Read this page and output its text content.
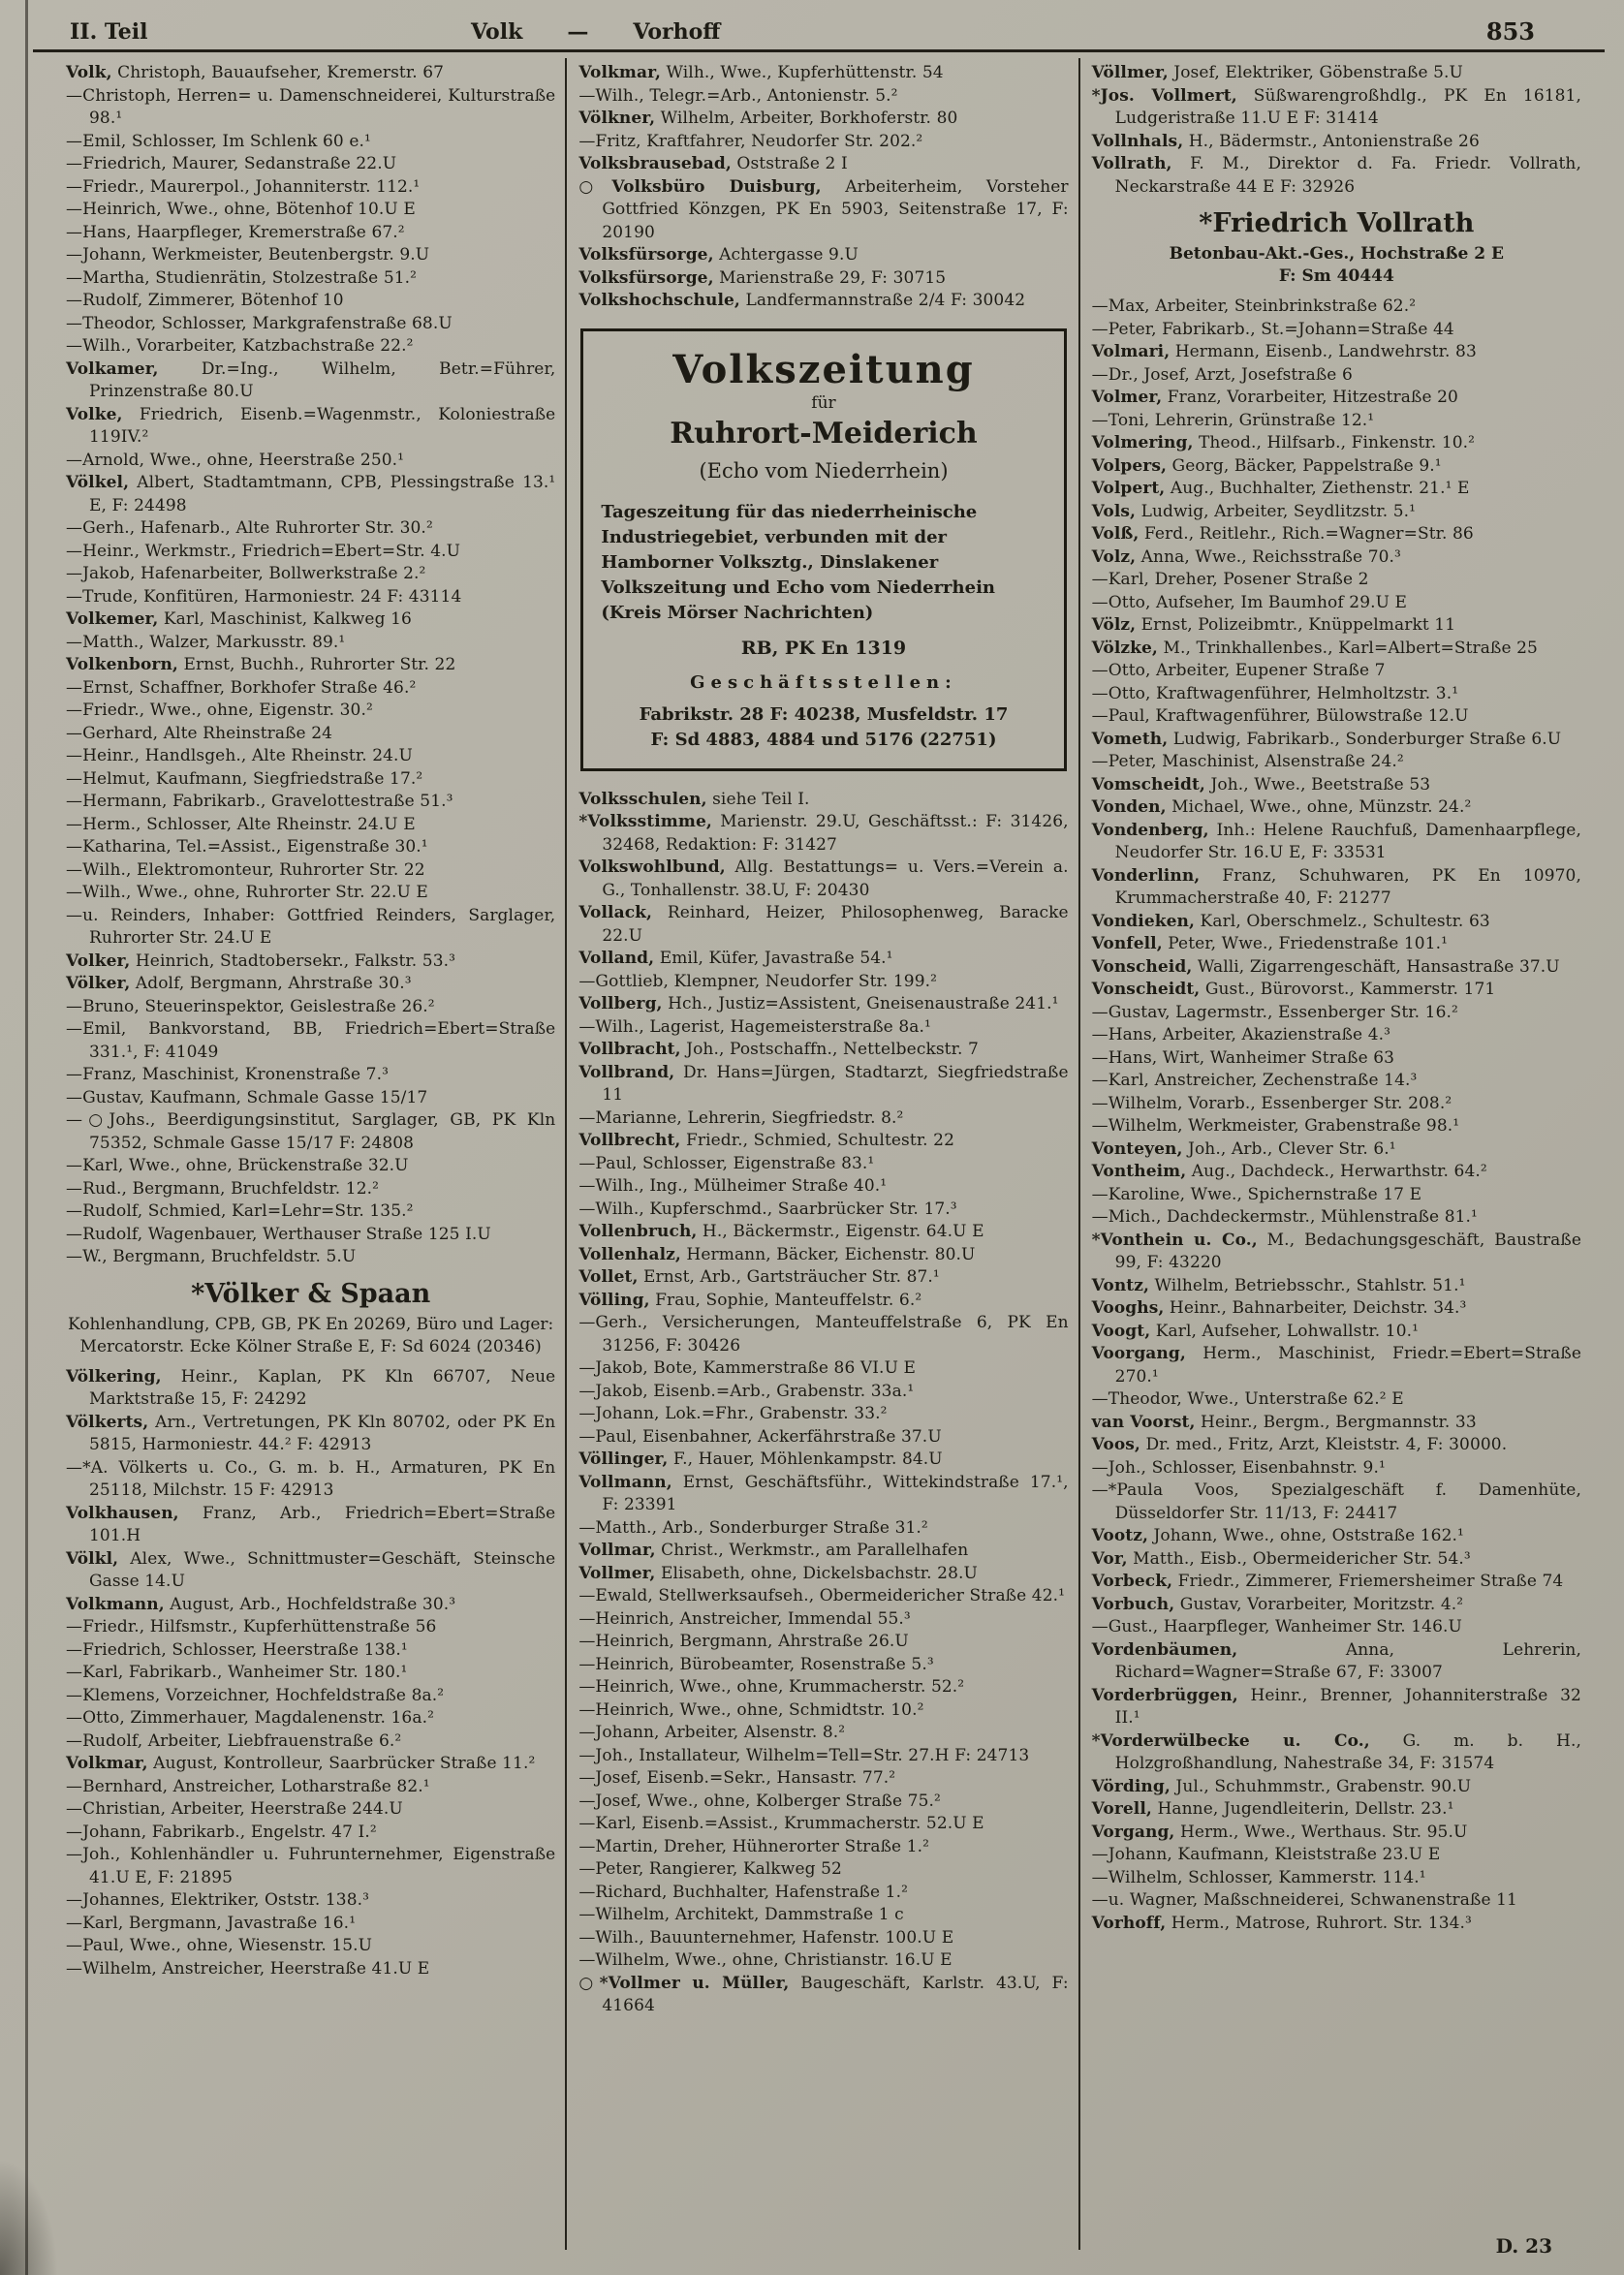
II. Teil	Volk — Vorhoff	853
Volk, Christoph, Bauaufseher, Kremerstr. 67
—Christoph, Herren= u. Damenschneiderei, Kulturstraße 98.¹
—Emil, Schlosser, Im Schlenk 60 e.¹
—Friedrich, Maurer, Sedanstraße 22.U
—Friedr., Maurerpol., Johanniterstr. 112.¹
—Heinrich, Wwe., ohne, Bötenhof 10.U E
—Hans, Haarpfleger, Kremerstraße 67.²
—Johann, Werkmeister, Beutenbergstr. 9.U
—Martha, Studienrätin, Stolzestraße 51.²
—Rudolf, Zimmerer, Bötenhof 10
—Theodor, Schlosser, Markgrafenstraße 68.U
—Wilh., Vorarbeiter, Katzbachstraße 22.²
Volkamer, Dr.=Ing., Wilhelm, Betr.=Führer, Prinzenstraße 80.U
Volke, Friedrich, Eisenb.=Wagenmstr., Koloniestraße 119IV.²
—Arnold, Wwe., ohne, Heerstraße 250.¹
Völkel, Albert, Stadtamtmann, CPB, Plessingstraße 13.¹ E, F: 24498
—Gerh., Hafenarb., Alte Ruhrorter Str. 30.²
—Heinr., Werkmstr., Friedrich=Ebert=Str. 4.U
—Jakob, Hafenarbeiter, Bollwerkstraße 2.²
—Trude, Konfitüren, Harmoniestr. 24 F: 43114
Volkemer, Karl, Maschinist, Kalkweg 16
—Matth., Walzer, Markusstr. 89.¹
Volkenborn, Ernst, Buchh., Ruhrorter Str. 22
—Ernst, Schaffner, Borkhofer Straße 46.²
—Friedr., Wwe., ohne, Eigenstr. 30.²
—Gerhard, Alte Rheinstraße 24
—Heinr., Handlsgeh., Alte Rheinstr. 24.U
—Helmut, Kaufmann, Siegfriedstraße 17.²
—Hermann, Fabrikarb., Gravelottestraße 51.³
—Herm., Schlosser, Alte Rheinstr. 24.U E
—Katharina, Tel.=Assist., Eigenstraße 30.¹
—Wilh., Elektromonteur, Ruhrorter Str. 22
—Wilh., Wwe., ohne, Ruhrorter Str. 22.U E
—u. Reinders, Inhaber: Gottfried Reinders, Sarglager, Ruhrorter Str. 24.U E
Volker, Heinrich, Stadtobersekr., Falkstr. 53.³
Völker, Adolf, Bergmann, Ahrstraße 30.³
—Bruno, Steuerinspektor, Geislestraße 26.²
—Emil, Bankvorstand, BB, Friedrich=Ebert=Straße 331.¹, F: 41049
—Franz, Maschinist, Kronenstraße 7.³
—Gustav, Kaufmann, Schmale Gasse 15/17
—○Johs., Beerdigungsinstitut, Sarglager, GB, PK Kln 75352, Schmale Gasse 15/17 F: 24808
—Karl, Wwe., ohne, Brückenstraße 32.U
—Rud., Bergmann, Bruchfeldstr. 12.²
—Rudolf, Schmied, Karl=Lehr=Str. 135.²
—Rudolf, Wagenbauer, Werthauser Straße 125 I.U
—W., Bergmann, Bruchfeldstr. 5.U
*Völker & Spaan
Kohlenhandlung, CPB, GB, PK En 20269, Büro und Lager: Mercatorstr. Ecke Kölner Straße E, F: Sd 6024 (20346)
Völkering, Heinr., Kaplan, PK Kln 66707, Neue Marktstraße 15, F: 24292
Völkerts, Arn., Vertretungen, PK Kln 80702, oder PK En 5815, Harmoniestr. 44.² F: 42913
—*A. Völkerts u. Co., G. m. b. H., Armaturen, PK En 25118, Milchstr. 15 F: 42913
Volkhausen, Franz, Arb., Friedrich=Ebert=Straße 101.H
Völkl, Alex, Wwe., Schnittmuster=Geschäft, Steinsche Gasse 14.U
Volkmann, August, Arb., Hochfeldstraße 30.³
—Friedr., Hilfsmstr., Kupferhüttenstraße 56
—Friedrich, Schlosser, Heerstraße 138.¹
—Karl, Fabrikarb., Wanheimer Str. 180.¹
—Klemens, Vorzeichner, Hochfeldstraße 8a.²
—Otto, Zimmerhauer, Magdalenenstr. 16a.²
—Rudolf, Arbeiter, Liebfrauenstraße 6.²
Volkmar, August, Kontrolleur, Saarbrücker Straße 11.²
—Bernhard, Anstreicher, Lotharstraße 82.¹
—Christian, Arbeiter, Heerstraße 244.U
—Johann, Fabrikarb., Engelstr. 47 I.²
—Joh., Kohlenhändler u. Fuhrunternehmer, Eigenstraße 41.U E, F: 21895
—Johannes, Elektriker, Oststr. 138.³
—Karl, Bergmann, Javastraße 16.¹
—Paul, Wwe., ohne, Wiesenstr. 15.U
—Wilhelm, Anstreicher, Heerstraße 41.U E
Volkmar, Wilh., Wwe., Kupferhüttenstr. 54
—Wilh., Telegr.=Arb., Antonienstr. 5.²
Völkner, Wilhelm, Arbeiter, Borkhoferstr. 80
—Fritz, Kraftfahrer, Neudorfer Str. 202.²
Volksbrausebad, Oststraße 2 I
○Volksbüro Duisburg, Arbeiterheim, Vorsteher Gottfried Könzgen, PK En 5903, Seitenstraße 17, F: 20190
Volksfürsorge, Achtergasse 9.U
Volksfürsorge, Marienstraße 29, F: 30715
Volkshochschule, Landfermannstraße 2/4 F: 30042
Volkszeitung
für
Ruhrort-Meiderich
(Echo vom Niederrhein)
Tageszeitung für das niederrheinische Industriegebiet, verbunden mit der Hamborner Volksztg., Dinslakener Volkszeitung und Echo vom Niederrhein (Kreis Mörser Nachrichten)
RB, PK En 1319
Geschäftsstellen:
Fabrikstr. 28 F: 40238, Musfeldstr. 17
F: Sd 4883, 4884 und 5176 (22751)
Volksschulen, siehe Teil I.
*Volksstimme, Marienstr. 29.U, Geschäftsst.: F: 31426, 32468, Redaktion: F: 31427
Volkswohlbund, Allg. Bestattungs= u. Vers.=Verein a. G., Tonhallenstr. 38.U, F: 20430
Vollack, Reinhard, Heizer, Philosophenweg, Baracke 22.U
Volland, Emil, Küfer, Javastraße 54.¹
—Gottlieb, Klempner, Neudorfer Str. 199.²
Vollberg, Hch., Justiz=Assistent, Gneisenaustraße 241.¹
—Wilh., Lagerist, Hagemeisterstraße 8a.¹
Vollbracht, Joh., Postschaffn., Nettelbeckstr. 7
Vollbrand, Dr. Hans=Jürgen, Stadtarzt, Siegfriedstraße 11
—Marianne, Lehrerin, Siegfriedstr. 8.²
Vollbrecht, Friedr., Schmied, Schultestr. 22
—Paul, Schlosser, Eigenstraße 83.¹
—Wilh., Ing., Mülheimer Straße 40.¹
—Wilh., Kupferschmd., Saarbrücker Str. 17.³
Vollenbruch, H., Bäckermstr., Eigenstr. 64.U E
Vollenhalz, Hermann, Bäcker, Eichenstr. 80.U
Vollet, Ernst, Arb., Gartsträucher Str. 87.¹
Völling, Frau, Sophie, Manteuffelstr. 6.²
—Gerh., Versicherungen, Manteuffelstraße 6, PK En 31256, F: 30426
—Jakob, Bote, Kammerstraße 86 VI.U E
—Jakob, Eisenb.=Arb., Grabenstr. 33a.¹
—Johann, Lok.=Fhr., Grabenstr. 33.²
—Paul, Eisenbahner, Ackerfährstraße 37.U
Völlinger, F., Hauer, Möhlenkampstr. 84.U
Vollmann, Ernst, Geschäftsführ., Wittekindstraße 17.¹, F: 23391
—Matth., Arb., Sonderburger Straße 31.²
Vollmar, Christ., Werkmstr., am Parallelhafen
Vollmer, Elisabeth, ohne, Dickelsbachstr. 28.U
—Ewald, Stellwerksaufseh., Obermeidericher Straße 42.¹
—Heinrich, Anstreicher, Immendal 55.³
—Heinrich, Bergmann, Ahrstraße 26.U
—Heinrich, Bürobeamter, Rosenstraße 5.³
—Heinrich, Wwe., ohne, Krummacherstr. 52.²
—Heinrich, Wwe., ohne, Schmidtstr. 10.²
—Johann, Arbeiter, Alsenstr. 8.²
—Joh., Installateur, Wilhelm=Tell=Str. 27.H F: 24713
—Josef, Eisenb.=Sekr., Hansastr. 77.²
—Josef, Wwe., ohne, Kolberger Straße 75.²
—Karl, Eisenb.=Assist., Krummacherstr. 52.U E
—Martin, Dreher, Hühnerorter Straße 1.²
—Peter, Rangierer, Kalkweg 52
—Richard, Buchhalter, Hafenstraße 1.²
—Wilhelm, Architekt, Dammstraße 1 c
—Wilh., Bauunternehmer, Hafenstr. 100.U E
—Wilhelm, Wwe., ohne, Christianstr. 16.U E
○*Vollmer u. Müller, Baugeschäft, Karlstr. 43.U, F: 41664
Völlmer, Josef, Elektriker, Göbenstraße 5.U
*Jos. Vollmert, Süßwarengroßhdlg., PK En 16181, Ludgeristraße 11.U E F: 31414
Vollnhals, H., Bädermstr., Antonienstraße 26
Vollrath, F. M., Direktor d. Fa. Friedr. Vollrath, Neckarstraße 44 E F: 32926
*Friedrich Vollrath
Betonbau-Akt.-Ges., Hochstraße 2 E
F: Sm 40444
—Max, Arbeiter, Steinbrinkstraße 62.²
—Peter, Fabrikarb., St.=Johann=Straße 44
Volmari, Hermann, Eisenb., Landwehrstr. 83
—Dr., Josef, Arzt, Josefstraße 6
Volmer, Franz, Vorarbeiter, Hitzestraße 20
—Toni, Lehrerin, Grünstraße 12.¹
Volmering, Theod., Hilfsarb., Finkenstr. 10.²
Volpers, Georg, Bäcker, Pappelstraße 9.¹
Volpert, Aug., Buchhalter, Ziethenstr. 21.¹ E
Vols, Ludwig, Arbeiter, Seydlitzstr. 5.¹
Volß, Ferd., Reitlehr., Rich.=Wagner=Str. 86
Volz, Anna, Wwe., Reichsstraße 70.³
—Karl, Dreher, Posener Straße 2
—Otto, Aufseher, Im Baumhof 29.U E
Völz, Ernst, Polizeibmtr., Knüppelmarkt 11
Völzke, M., Trinkhallenbes., Karl=Albert=Straße 25
—Otto, Arbeiter, Eupener Straße 7
—Otto, Kraftwagenführer, Helmholtzstr. 3.¹
—Paul, Kraftwagenführer, Bülowstraße 12.U
Vometh, Ludwig, Fabrikarb., Sonderburger Straße 6.U
—Peter, Maschinist, Alsenstraße 24.²
Vomscheidt, Joh., Wwe., Beetstraße 53
Vonden, Michael, Wwe., ohne, Münzstr. 24.²
Vondenberg, Inh.: Helene Rauchfuß, Damenhaarpflege, Neudorfer Str. 16.U E, F: 33531
Vonderlinn, Franz, Schuhwaren, PK En 10970, Krummacherstraße 40, F: 21277
Vondieken, Karl, Oberschmelz., Schultestr. 63
Vonfell, Peter, Wwe., Friedenstraße 101.¹
Vonscheid, Walli, Zigarrengeschäft, Hansastraße 37.U
Vonscheidt, Gust., Bürovorst., Kammerstr. 171
—Gustav, Lagermstr., Essenberger Str. 16.²
—Hans, Arbeiter, Akazienstraße 4.³
—Hans, Wirt, Wanheimer Straße 63
—Karl, Anstreicher, Zechenstraße 14.³
—Wilhelm, Vorarb., Essenberger Str. 208.²
—Wilhelm, Werkmeister, Grabenstraße 98.¹
Vonteyen, Joh., Arb., Clever Str. 6.¹
Vontheim, Aug., Dachdeck., Herwarthstr. 64.²
—Karoline, Wwe., Spichernstraße 17 E
—Mich., Dachdeckermstr., Mühlenstraße 81.¹
*Vonthein u. Co., M., Bedachungsgeschäft, Baustraße 99, F: 43220
Vontz, Wilhelm, Betriebsschr., Stahlstr. 51.¹
Vooghs, Heinr., Bahnarbeiter, Deichstr. 34.³
Voogt, Karl, Aufseher, Lohwallstr. 10.¹
Voorgang, Herm., Maschinist, Friedr.=Ebert=Straße 270.¹
—Theodor, Wwe., Unterstraße 62.² E
van Voorst, Heinr., Bergm., Bergmannstr. 33
Voos, Dr. med., Fritz, Arzt, Kleiststr. 4, F: 30000.
—Joh., Schlosser, Eisenbahnstr. 9.¹
—*Paula Voos, Spezialgeschäft f. Damenhüte, Düsseldorfer Str. 11/13, F: 24417
Vootz, Johann, Wwe., ohne, Oststraße 162.¹
Vor, Matth., Eisb., Obermeidericher Str. 54.³
Vorbeck, Friedr., Zimmerer, Friemersheimer Straße 74
Vorbuch, Gustav, Vorarbeiter, Moritzstr. 4.²
—Gust., Haarpfleger, Wanheimer Str. 146.U
Vordenbäumen, Anna, Lehrerin, Richard=Wagner=Straße 67, F: 33007
Vorderbrüggen, Heinr., Brenner, Johanniterstraße 32 II.¹
*Vorderwülbecke u. Co., G. m. b. H., Holzgroßhandlung, Nahestraße 34, F: 31574
Vörding, Jul., Schuhmmstr., Grabenstr. 90.U
Vorell, Hanne, Jugendleiterin, Dellstr. 23.¹
Vorgang, Herm., Wwe., Werthaus. Str. 95.U
—Johann, Kaufmann, Kleiststraße 23.U E
—Wilhelm, Schlosser, Kammerstr. 114.¹
—u. Wagner, Maßschneiderei, Schwanenstraße 11
Vorhoff, Herm., Matrose, Ruhrort. Str. 134.³
D. 23
